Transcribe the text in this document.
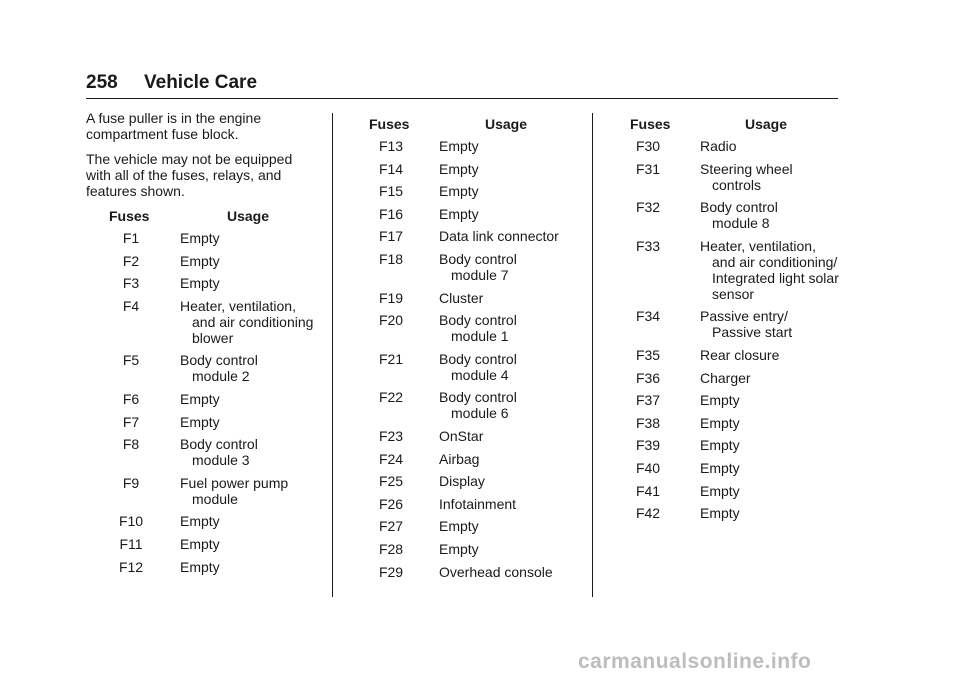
258 Vehicle Care
A fuse puller is in the engine
compartment fuse block.
The vehicle may not be equipped
with all of the fuses, relays, and
features shown.
Fuses	Usage
F1	Empty
F2	Empty
F3	Empty
F4	Heater, ventilation,
and air conditioning
blower
F5	Body control
module 2
F6	Empty
F7	Empty
F8	Body control
module 3
F9	Fuel power pump
module
F10	Empty
F11	Empty
F12	Empty
Fuses	Usage
F13	Empty
F14	Empty
F15	Empty
F16	Empty
F17	Data link connector
F18	Body control
module 7
F19	Cluster
F20	Body control
module 1
F21	Body control
module 4
F22	Body control
module 6
F23	OnStar
F24	Airbag
F25	Display
F26	Infotainment
F27	Empty
F28	Empty
F29	Overhead console
Fuses	Usage
F30	Radio
F31	Steering wheel
controls
F32	Body control
module 8
F33	Heater, ventilation,
and air conditioning/
Integrated light solar
sensor
F34	Passive entry/
Passive start
F35	Rear closure
F36	Charger
F37	Empty
F38	Empty
F39	Empty
F40	Empty
F41	Empty
F42	Empty
carmanualsonline.info
